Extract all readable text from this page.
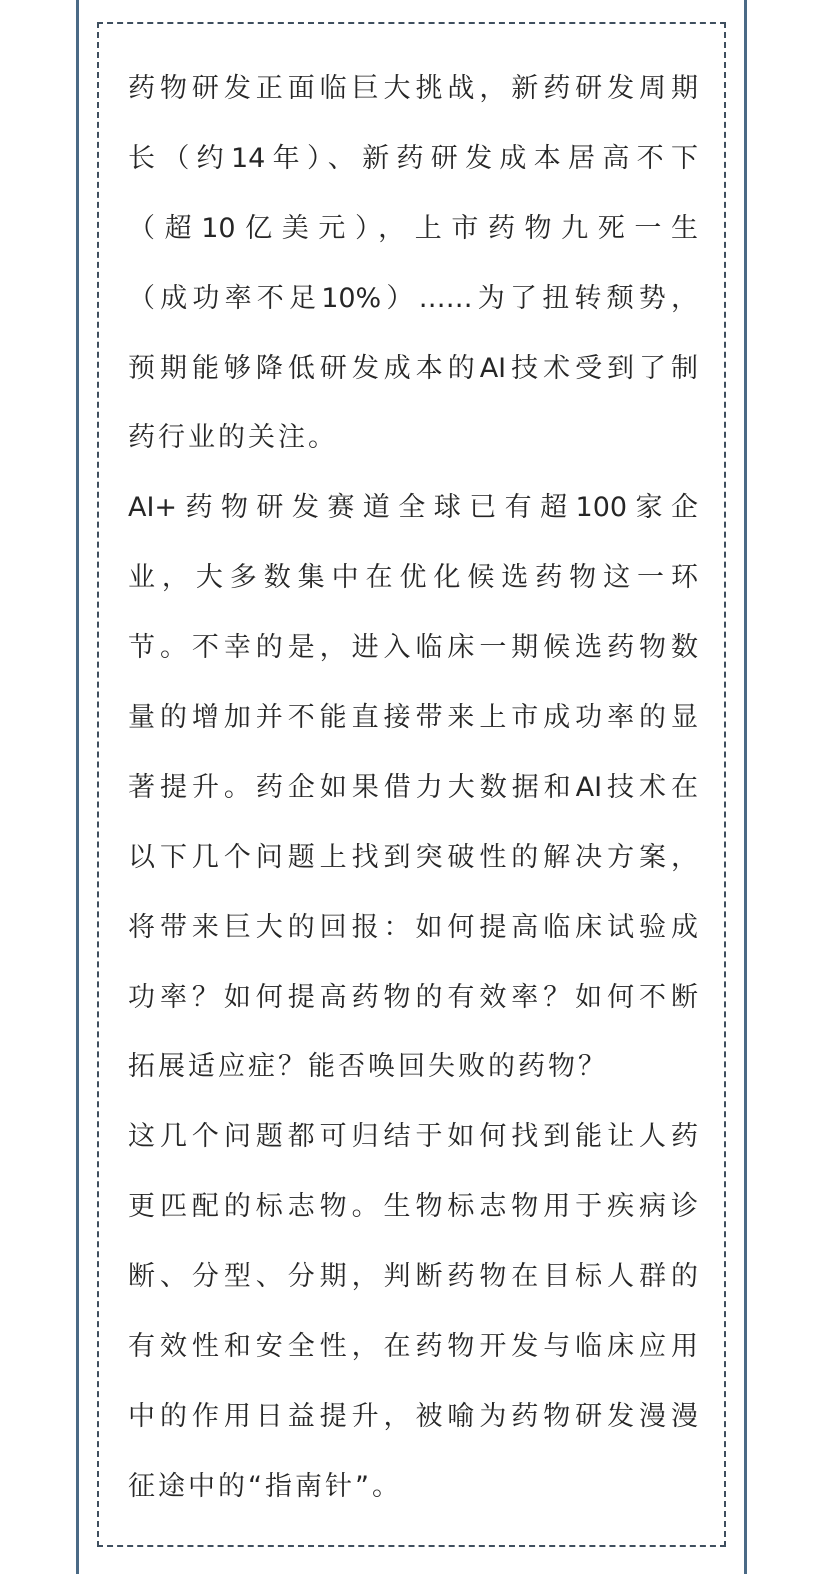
药物研发正面临巨大挑战，新药研发周期
长（约14年）、新药研发成本居高不下
（超10亿美元），上市药物九死一生
（成功率不足10%）……为了扭转颓势，
预期能够降低研发成本的AI技术受到了制
药行业的关注。
AI+药物研发赛道全球已有超100家企
业，大多数集中在优化候选药物这一环
节。不幸的是，进入临床一期候选药物数
量的增加并不能直接带来上市成功率的显
著提升。药企如果借力大数据和AI技术在
以下几个问题上找到突破性的解决方案，
将带来巨大的回报：如何提高临床试验成
功率？如何提高药物的有效率？如何不断
拓展适应症？能否唤回失败的药物？
这几个问题都可归结于如何找到能让人药
更匹配的标志物。生物标志物用于疾病诊
断、分型、分期，判断药物在目标人群的
有效性和安全性，在药物开发与临床应用
中的作用日益提升，被喻为药物研发漫漫
征途中的“指南针”。
